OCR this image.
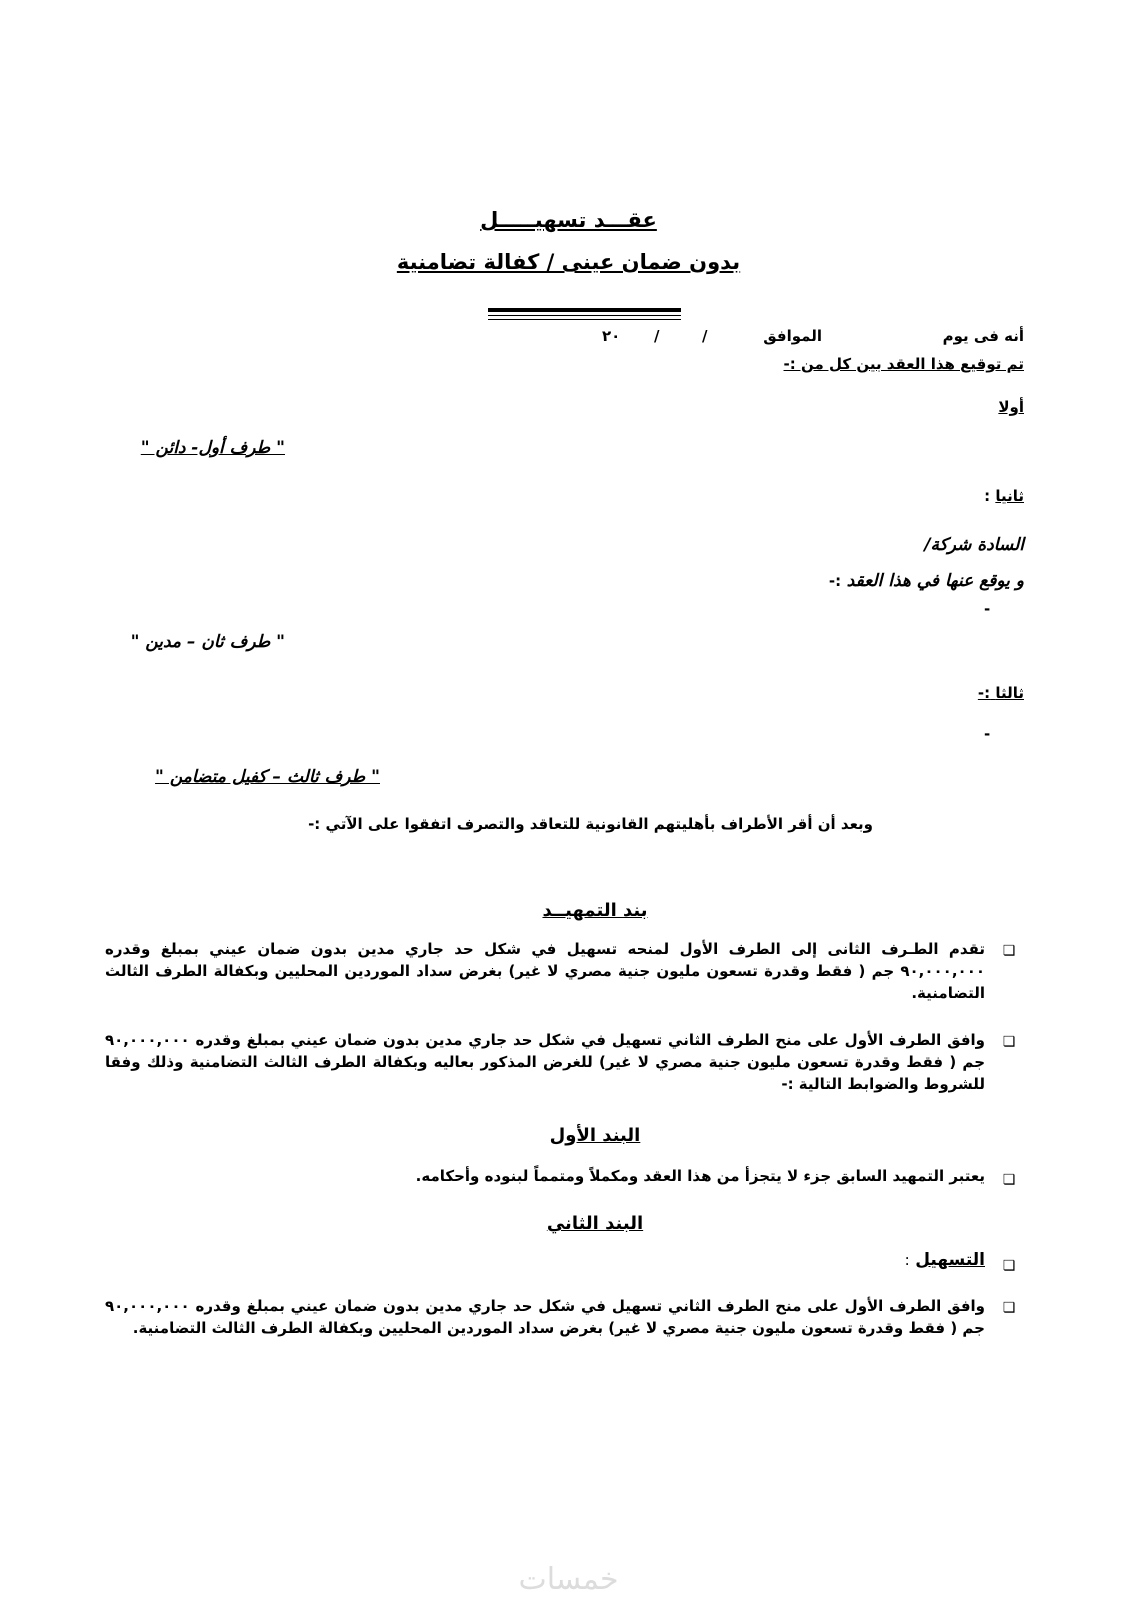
عقـــد تسهيـــــل
بدون ضمان عينى / كفالة تضامنية
أنه فى يوم
الموافق
/
/
٢٠
تم توقيع هذا العقد بين كل من :-
أولا
" طرف أول- دائن "
ثانيا :
السادة شركة/
و يوقع عنها في هذا العقد :-
-
" طرف ثان – مدين "
ثالثا :-
-
" طرف ثالث – كفيل متضامن "
وبعد أن أقر الأطراف بأهليتهم القانونية للتعاقد والتصرف اتفقوا على الآتي :-
بند التمهيــد
❏
تقدم الطـرف الثانى إلى الطرف الأول لمنحه تسهيل في شكل حد جاري مدين بدون ضمان عيني بمبلغ وقدره ٩٠,٠٠٠,٠٠٠ جم ( فقط وقدرة تسعون مليون جنية مصري لا غير) بغرض سداد الموردين المحليين وبكفالة الطرف الثالث التضامنية.
❏
وافق الطرف الأول على منح الطرف الثاني تسهيل في شكل حد جاري مدين بدون ضمان عيني بمبلغ وقدره ٩٠,٠٠٠,٠٠٠ جم ( فقط وقدرة تسعون مليون جنية مصري لا غير) للغرض المذكور بعاليه وبكفالة الطرف الثالث التضامنية وذلك وفقا للشروط والضوابط التالية :-
البند الأول
❏
يعتبر التمهيد السابق جزء لا يتجزأ من هذا العقد ومكملاً ومتمماً لبنوده وأحكامه.
البند الثاني
❏
التسهيل :
❏
وافق الطرف الأول على منح الطرف الثاني تسهيل في شكل حد جاري مدين بدون ضمان عيني بمبلغ وقدره ٩٠,٠٠٠,٠٠٠ جم ( فقط وقدرة تسعون مليون جنية مصري لا غير) بغرض سداد الموردين المحليين وبكفالة الطرف الثالث التضامنية.
خمسات
